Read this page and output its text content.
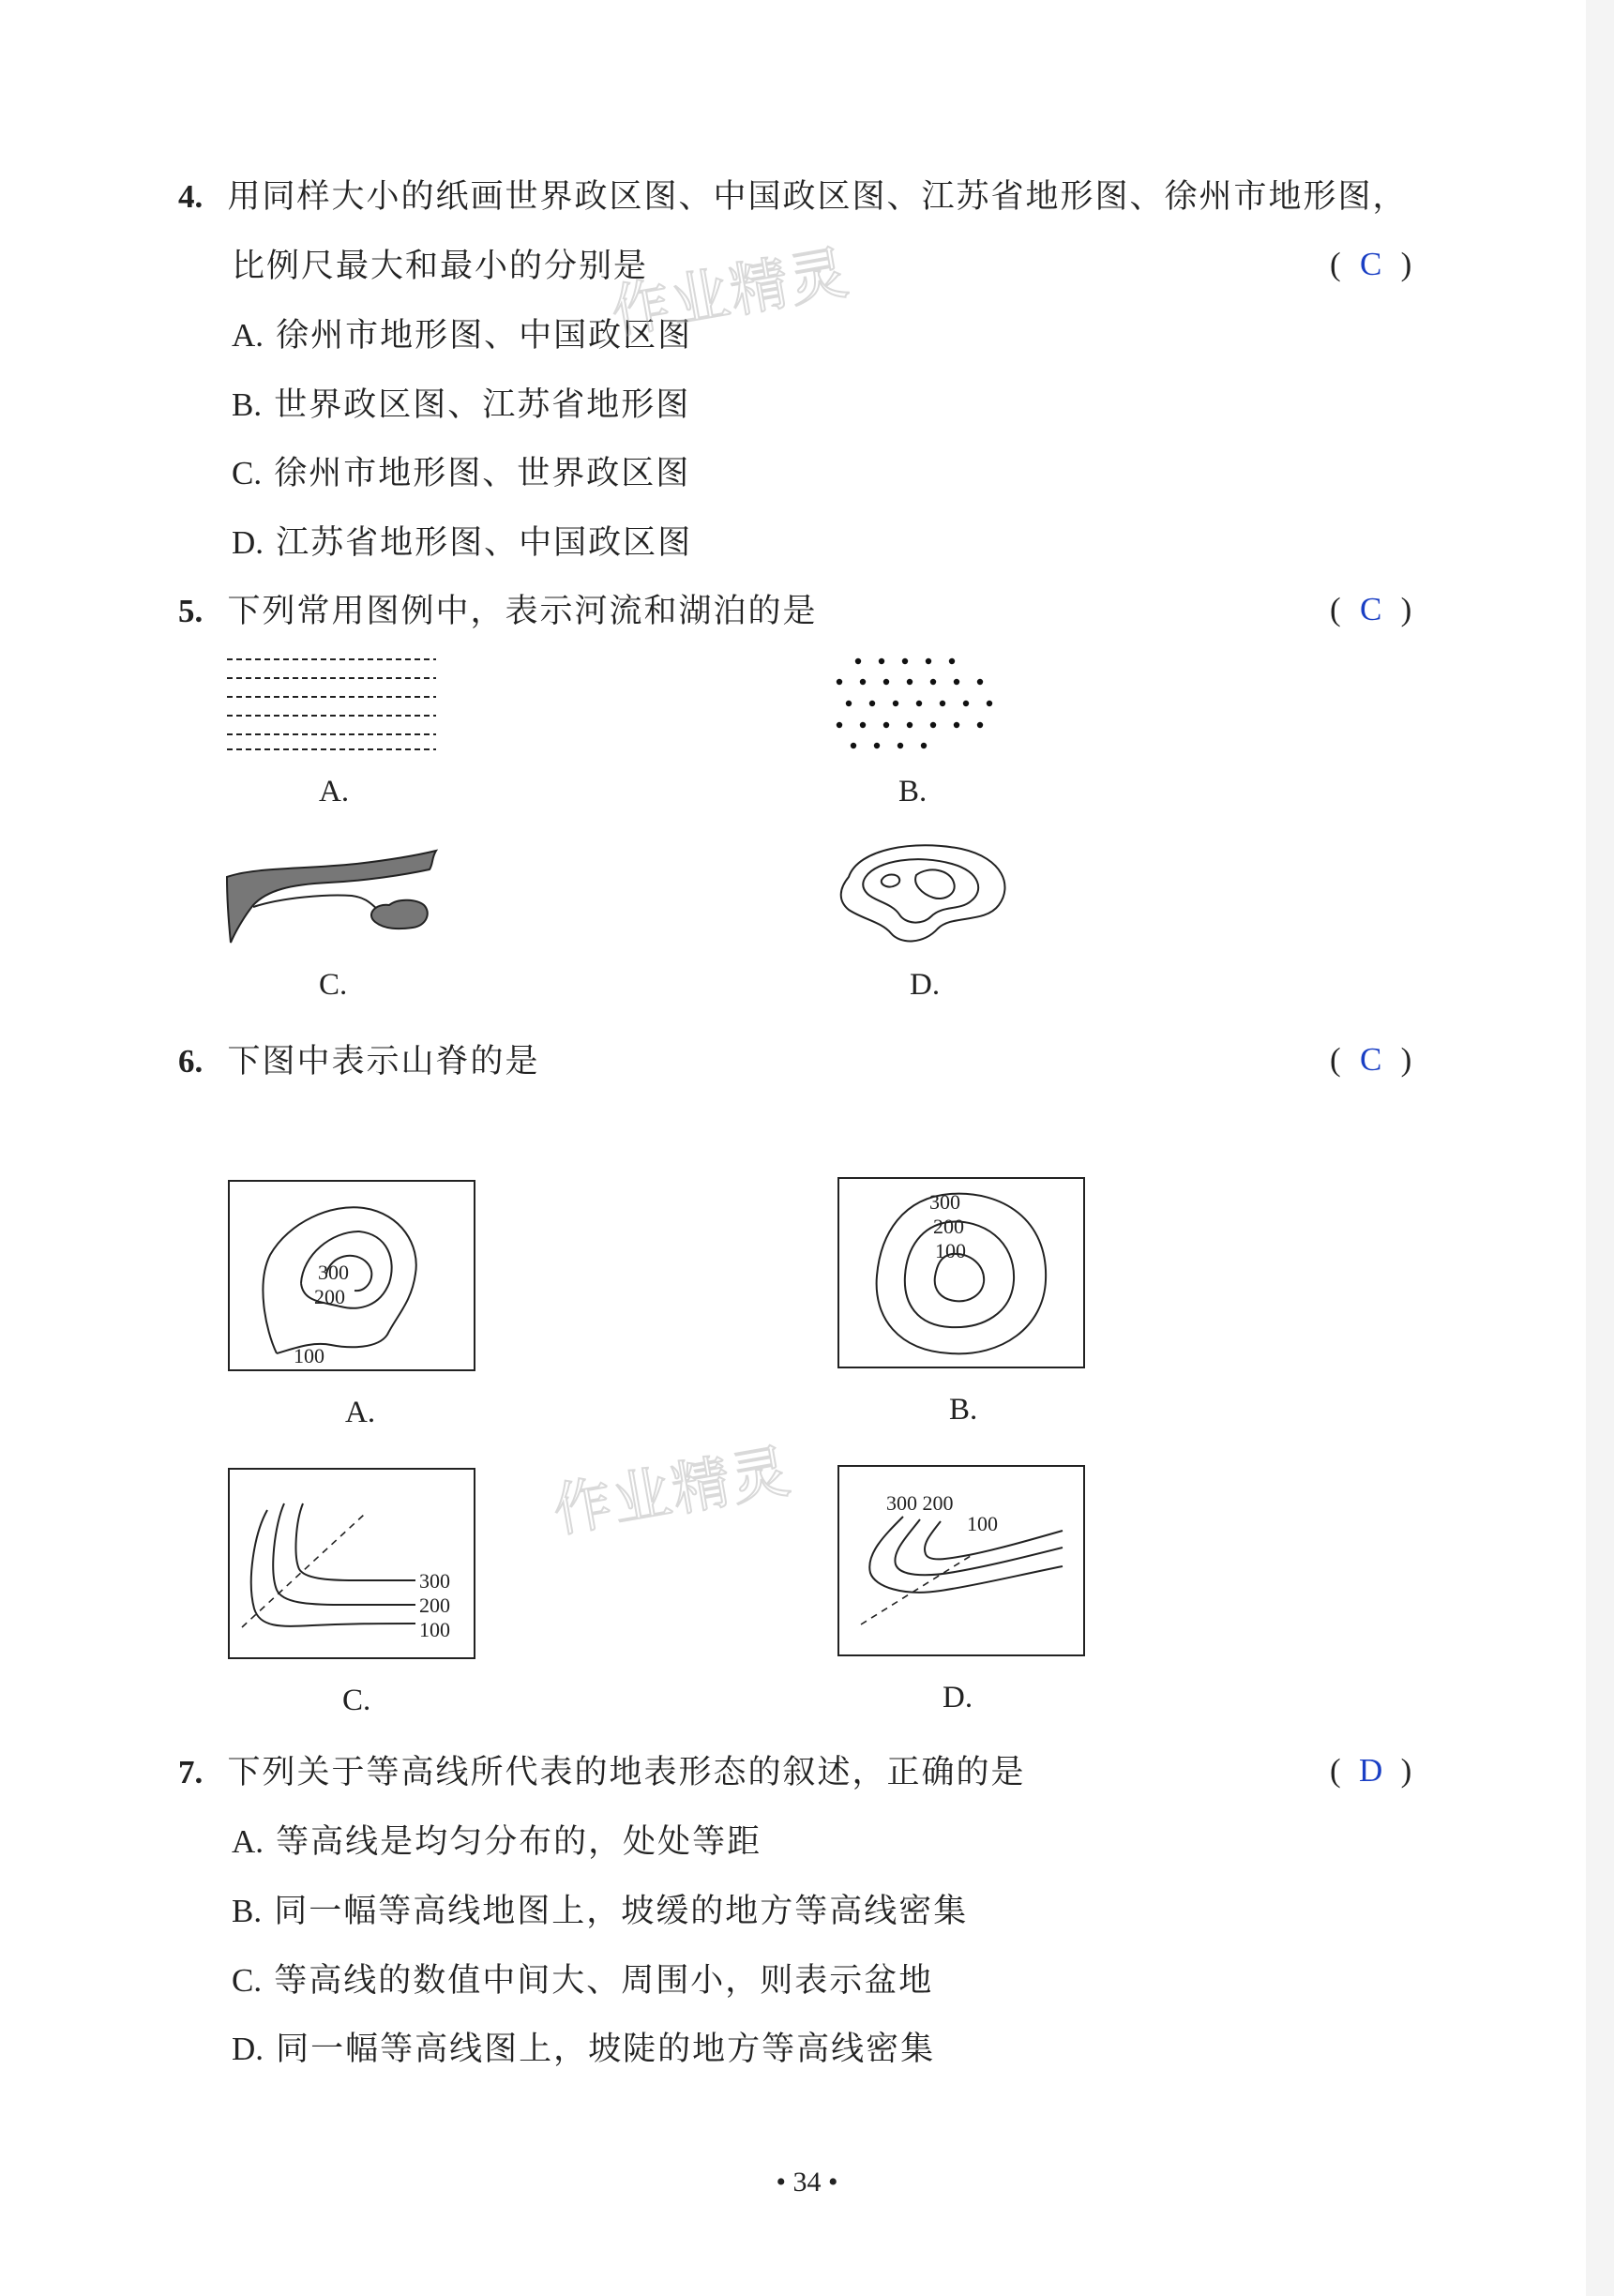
4. 用同样大小的纸画世界政区图、中国政区图、江苏省地形图、徐州市地形图，
比例尺最大和最小的分别是	( C )
A. 徐州市地形图、中国政区图
B. 世界政区图、江苏省地形图
C. 徐州市地形图、世界政区图
D. 江苏省地形图、中国政区图
5. 下列常用图例中，表示河流和湖泊的是	( C )
A.	B.
C.	D.
6. 下图中表示山脊的是	( C )
300
200
100
A.
300
200
100
B.
300
200
100
C.
300 200
100
D.
7. 下列关于等高线所代表的地表形态的叙述，正确的是	( D )
A. 等高线是均匀分布的，处处等距
B. 同一幅等高线地图上，坡缓的地方等高线密集
C. 等高线的数值中间大、周围小，则表示盆地
D. 同一幅等高线图上，坡陡的地方等高线密集
作业精灵
作业精灵
• 34 •
